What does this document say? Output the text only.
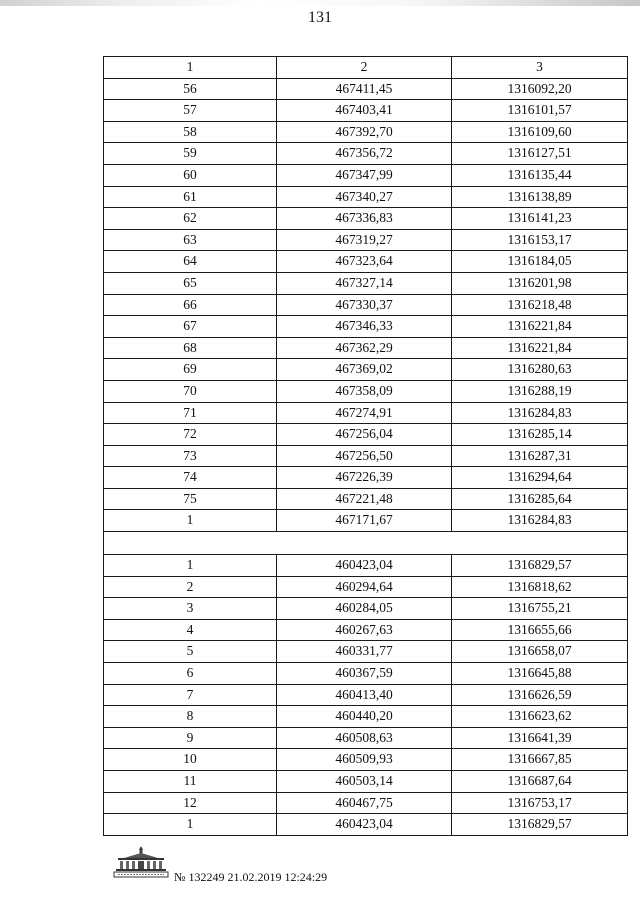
131
1	2	3
56	467411,45	1316092,20
57	467403,41	1316101,57
58	467392,70	1316109,60
59	467356,72	1316127,51
60	467347,99	1316135,44
61	467340,27	1316138,89
62	467336,83	1316141,23
63	467319,27	1316153,17
64	467323,64	1316184,05
65	467327,14	1316201,98
66	467330,37	1316218,48
67	467346,33	1316221,84
68	467362,29	1316221,84
69	467369,02	1316280,63
70	467358,09	1316288,19
71	467274,91	1316284,83
72	467256,04	1316285,14
73	467256,50	1316287,31
74	467226,39	1316294,64
75	467221,48	1316285,64
1	467171,67	1316284,83

1	460423,04	1316829,57
2	460294,64	1316818,62
3	460284,05	1316755,21
4	460267,63	1316655,66
5	460331,77	1316658,07
6	460367,59	1316645,88
7	460413,40	1316626,59
8	460440,20	1316623,62
9	460508,63	1316641,39
10	460509,93	1316667,85
11	460503,14	1316687,64
12	460467,75	1316753,17
1	460423,04	1316829,57
№ 132249 21.02.2019 12:24:29
